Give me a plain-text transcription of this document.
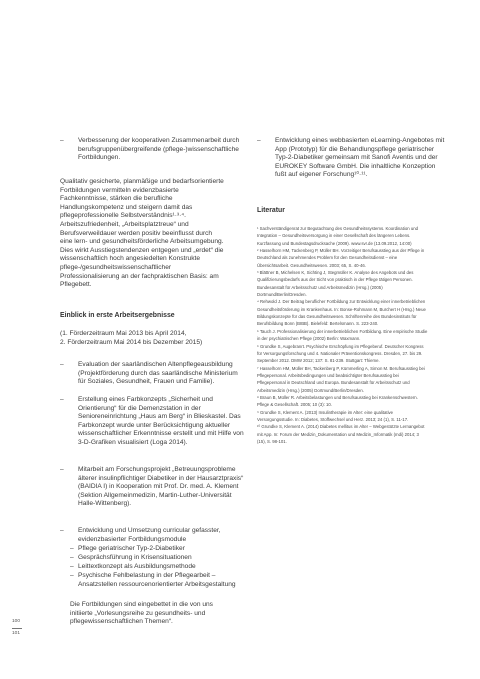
– Verbesserung der kooperativen Zusammenarbeit durch berufsgruppenübergreifende (pflege-)wissenschaftliche Fortbildungen.

Qualitativ gesicherte, planmäßige und bedarfsorientierte Fortbildungen vermitteln evidenzbasierte Fachkenntnisse, stärken die berufliche Handlungskompetenz und steigern damit das pflegeprofessionelle Selbstverständnis¹·³·⁴. Arbeitszufriedenheit, „Arbeitsplatztreue“ und Berufsverweildauer werden positiv beeinflusst durch eine lern- und gesundheitsförderliche Arbeitsumgebung. Dies wirkt Ausstiegstendenzen entgegen und „erdet“ die wissenschaftlich hoch angesiedelten Konstrukte pflege-/gesundheitswissenschaftlicher Professionalisierung an der fachpraktischen Basis: am Pflegebett.

Einblick in erste Arbeitsergebnisse
(1. Förderzeitraum Mai 2013 bis April 2014,
2. Förderzeitraum Mai 2014 bis Dezember 2015)
– Evaluation der saarländischen Altenpflegeausbildung (Projektförderung durch das saarländische Ministerium für Soziales, Gesundheit, Frauen und Familie).
– Erstellung eines Farbkonzepts „Sicherheit und Orientierung“ für die Demenzstation in der Senioreneinrichtung „Haus am Berg“ in Blieskastel. Das Farbkonzept wurde unter Berücksichtigung aktueller wissenschaftlicher Erkenntnisse erstellt und mit Hilfe von 3-D-Grafiken visualisiert (Loga 2014).
– Mitarbeit am Forschungsprojekt „Betreuungsprobleme älterer insulinpflichtiger Diabetiker in der Hausarztpraxis“ (BAIDIA I) in Kooperation mit Prof. Dr. med. A. Klement (Sektion Allgemeinmedizin, Martin-Luther-Universität Halle-Wittenberg).
– Entwicklung und Umsetzung curricular gefasster, evidenzbasierter Fortbildungsmodule
– Pflege geriatrischer Typ-2-Diabetiker
– Gesprächsführung in Krisensituationen
– Leittextkonzept als Ausbildungsmethode
– Psychische Fehlbelastung in der Pflegearbeit – Ansatzstellen ressourcenorientierter Arbeitsgestaltung

Die Fortbildungen sind eingebettet in die von uns initiierte „Vorlesungsreihe zu gesundheits- und pflegewissenschaftlichen Themen“.

– Entwicklung eines webbasierten eLearning-Angebotes mit App (Prototyp) für die Behandlungspflege geriatrischer Typ-2-Diabetiker gemeinsam mit Sanofi Aventis und der EUROKEY Software GmbH. Die inhaltliche Konzeption fußt auf eigener Forschung¹⁰·¹¹.
Literatur
¹ Sachverständigenrat zur Begutachtung des Gesundheitssystems. Koordination und Integration – Gesundheitsversorgung in einer Gesellschaft des längeren Lebens. Kurzfassung und Bundestagsdrucksache (2009). www.svr.de (13.09.2012, 14:00)
² Hasselhorn HM, Tackenberg P, Müller BH. Vorzeitiger Berufsausstieg aus der Pflege in Deutschland als zunehmendes Problem für den Gesundheitsdienst – eine Übersichtsarbeit. Gesundheitswesen. 2003; 65, S. 40-46.
³ Blättner B, Michelsen K, Sichting J, Stegmüller K. Analyse des Angebots und des Qualifizierungsbedarfs aus der Sicht von praktisch in der Pflege tätigen Personen. Bundesanstalt für Arbeitsschutz und Arbeitsmedizin (Hrsg.) (2005) Dortmund/Berlin/Dresden.
⁴ Rehwold J. Der Beitrag beruflicher Fortbildung zur Entwicklung einer innerbetrieblichen Gesundheitsförderung im Krankenhaus. In: Bonse-Rohmann M, Burchert H (Hrsg.) Neue Bildungskonzepte für das Gesundheitswesen. Schriftenreihe des Bundesinstituts für Berufsbildung Bonn (BIBB). Bielefeld: Bertelsmann. S. 223-240.
⁵ Tauch J. Professionalisierung der innerbetrieblichen Fortbildung. Eine empirische Studie in der psychiatrischen Pflege (2002) Berlin: Waxmann.
⁶ Grundke S, Augebranrt. Psychische Erschöpfung im Pflegeberuf. Deutscher Kongress für Versorgungsforschung und 4. Nationaler Präventionskongress. Dresden, 27. bis 29. September 2012. DMW 2012; 137: S. 81-239. Stuttgart: Thieme.
⁷ Hasselhorn HM, Müller BH, Tackenberg P, Kümmerling A, Simon M. Berufsausstieg bei Pflegepersonal. Arbeitsbedingungen und beabsichtigter Berufsausstieg bei Pflegepersonal in Deutschland und Europa. Bundesanstalt für Arbeitsschutz und Arbeitsmedizin (Hrsg.) (2005) Dortmund/Berlin/Dresden.
⁸ Braun B, Müller R. Arbeitsbelastungen und Berufsausstieg bei Krankenschwestern. Pflege & Gesellschaft. 2005; 10 (3): 10.
⁹ Grundke S, Klement A. (2013) Insulintherapie im Alter: eine qualitative Versorgungsstudie. In: Diabetes, Stoffwechsel und Herz. 2013; 24 (1), S. 11-17.
¹⁰ Grundke S, Klement A. (2014) Diabetes mellitus im Alter – Webgestützte Lernangebot mit App. In: Forum der Medizin_Dokumentation und Medizin_Informatik (mdi) 2014; 3 (15), S. 98-101.
100
101
